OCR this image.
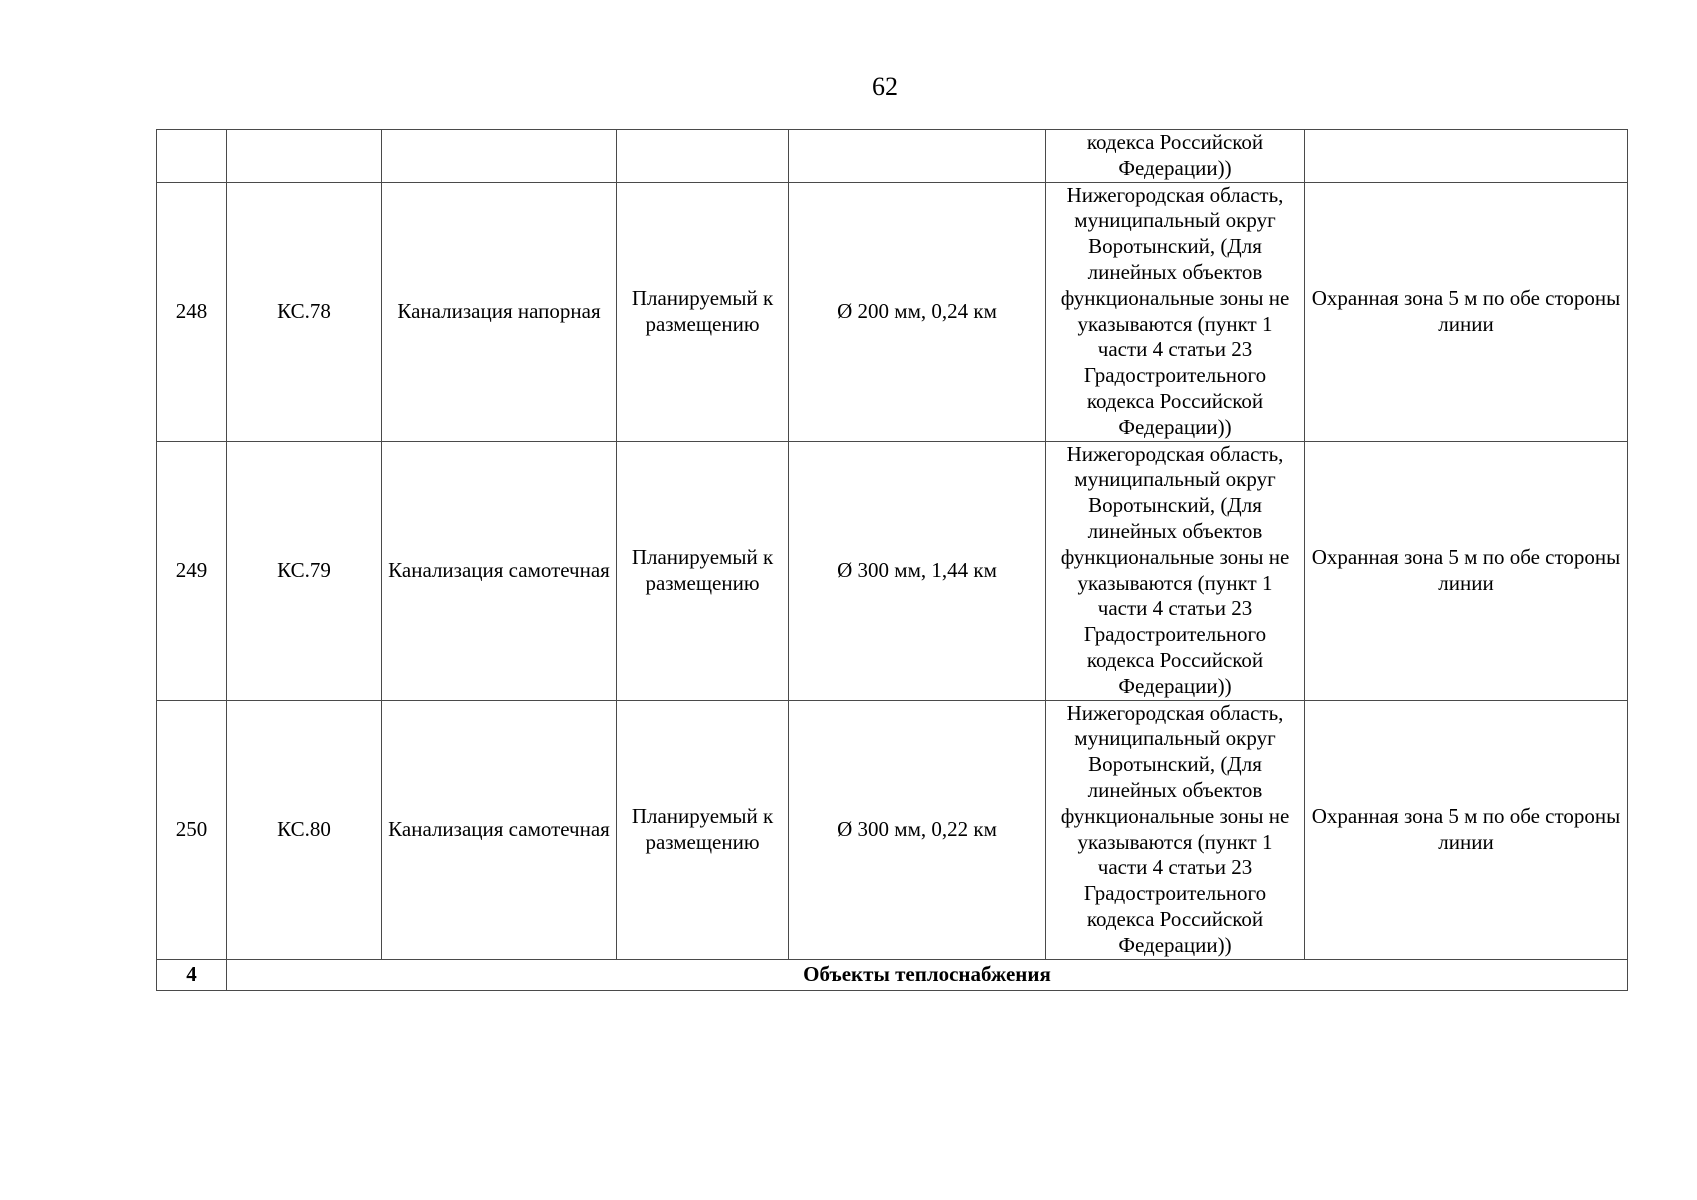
62
					кодекса Российской Федерации))	
248	КС.78	Канализация напорная	Планируемый к размещению	Ø 200 мм, 0,24 км	Нижегородская область, муниципальный округ Воротынский, (Для линейных объектов функциональные зоны не указываются (пункт 1 части 4 статьи 23 Градостроительного кодекса Российской Федерации))	Охранная зона 5 м по обе стороны линии
249	КС.79	Канализация самотечная	Планируемый к размещению	Ø 300 мм, 1,44 км	Нижегородская область, муниципальный округ Воротынский, (Для линейных объектов функциональные зоны не указываются (пункт 1 части 4 статьи 23 Градостроительного кодекса Российской Федерации))	Охранная зона 5 м по обе стороны линии
250	КС.80	Канализация самотечная	Планируемый к размещению	Ø 300 мм, 0,22 км	Нижегородская область, муниципальный округ Воротынский, (Для линейных объектов функциональные зоны не указываются (пункт 1 части 4 статьи 23 Градостроительного кодекса Российской Федерации))	Охранная зона 5 м по обе стороны линии
4	Объекты теплоснабжения					
